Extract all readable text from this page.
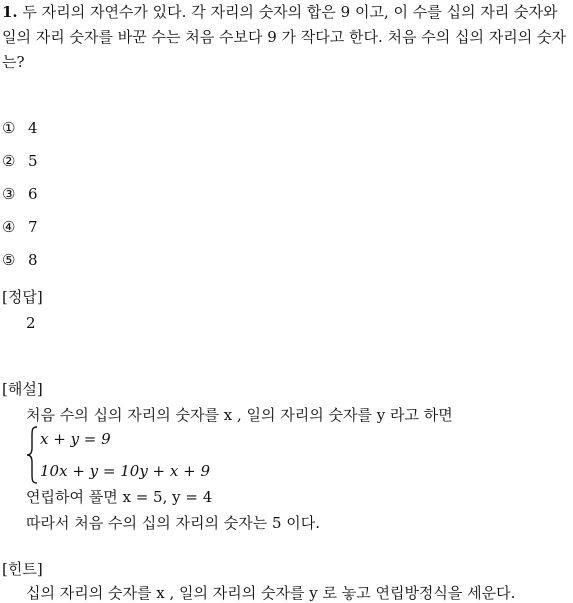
1. 두 자리의 자연수가 있다. 각 자리의 숫자의 합은 9 이고, 이 수를 십의 자리 숫자와 일의 자리 숫자를 바꾼 수는 처음 수보다 9 가 작다고 한다. 처음 수의 십의 자리의 숫자는?
① 4
② 5
③ 6
④ 7
⑤ 8
[정답]
2
[해설]
처음 수의 십의 자리의 숫자를 x , 일의 자리의 숫자를 y 라고 하면
x + y = 9
10x + y = 10y + x + 9
연립하여 풀면 x = 5, y = 4
따라서 처음 수의 십의 자리의 숫자는 5 이다.
[힌트]
십의 자리의 숫자를 x , 일의 자리의 숫자를 y 로 놓고 연립방정식을 세운다.
